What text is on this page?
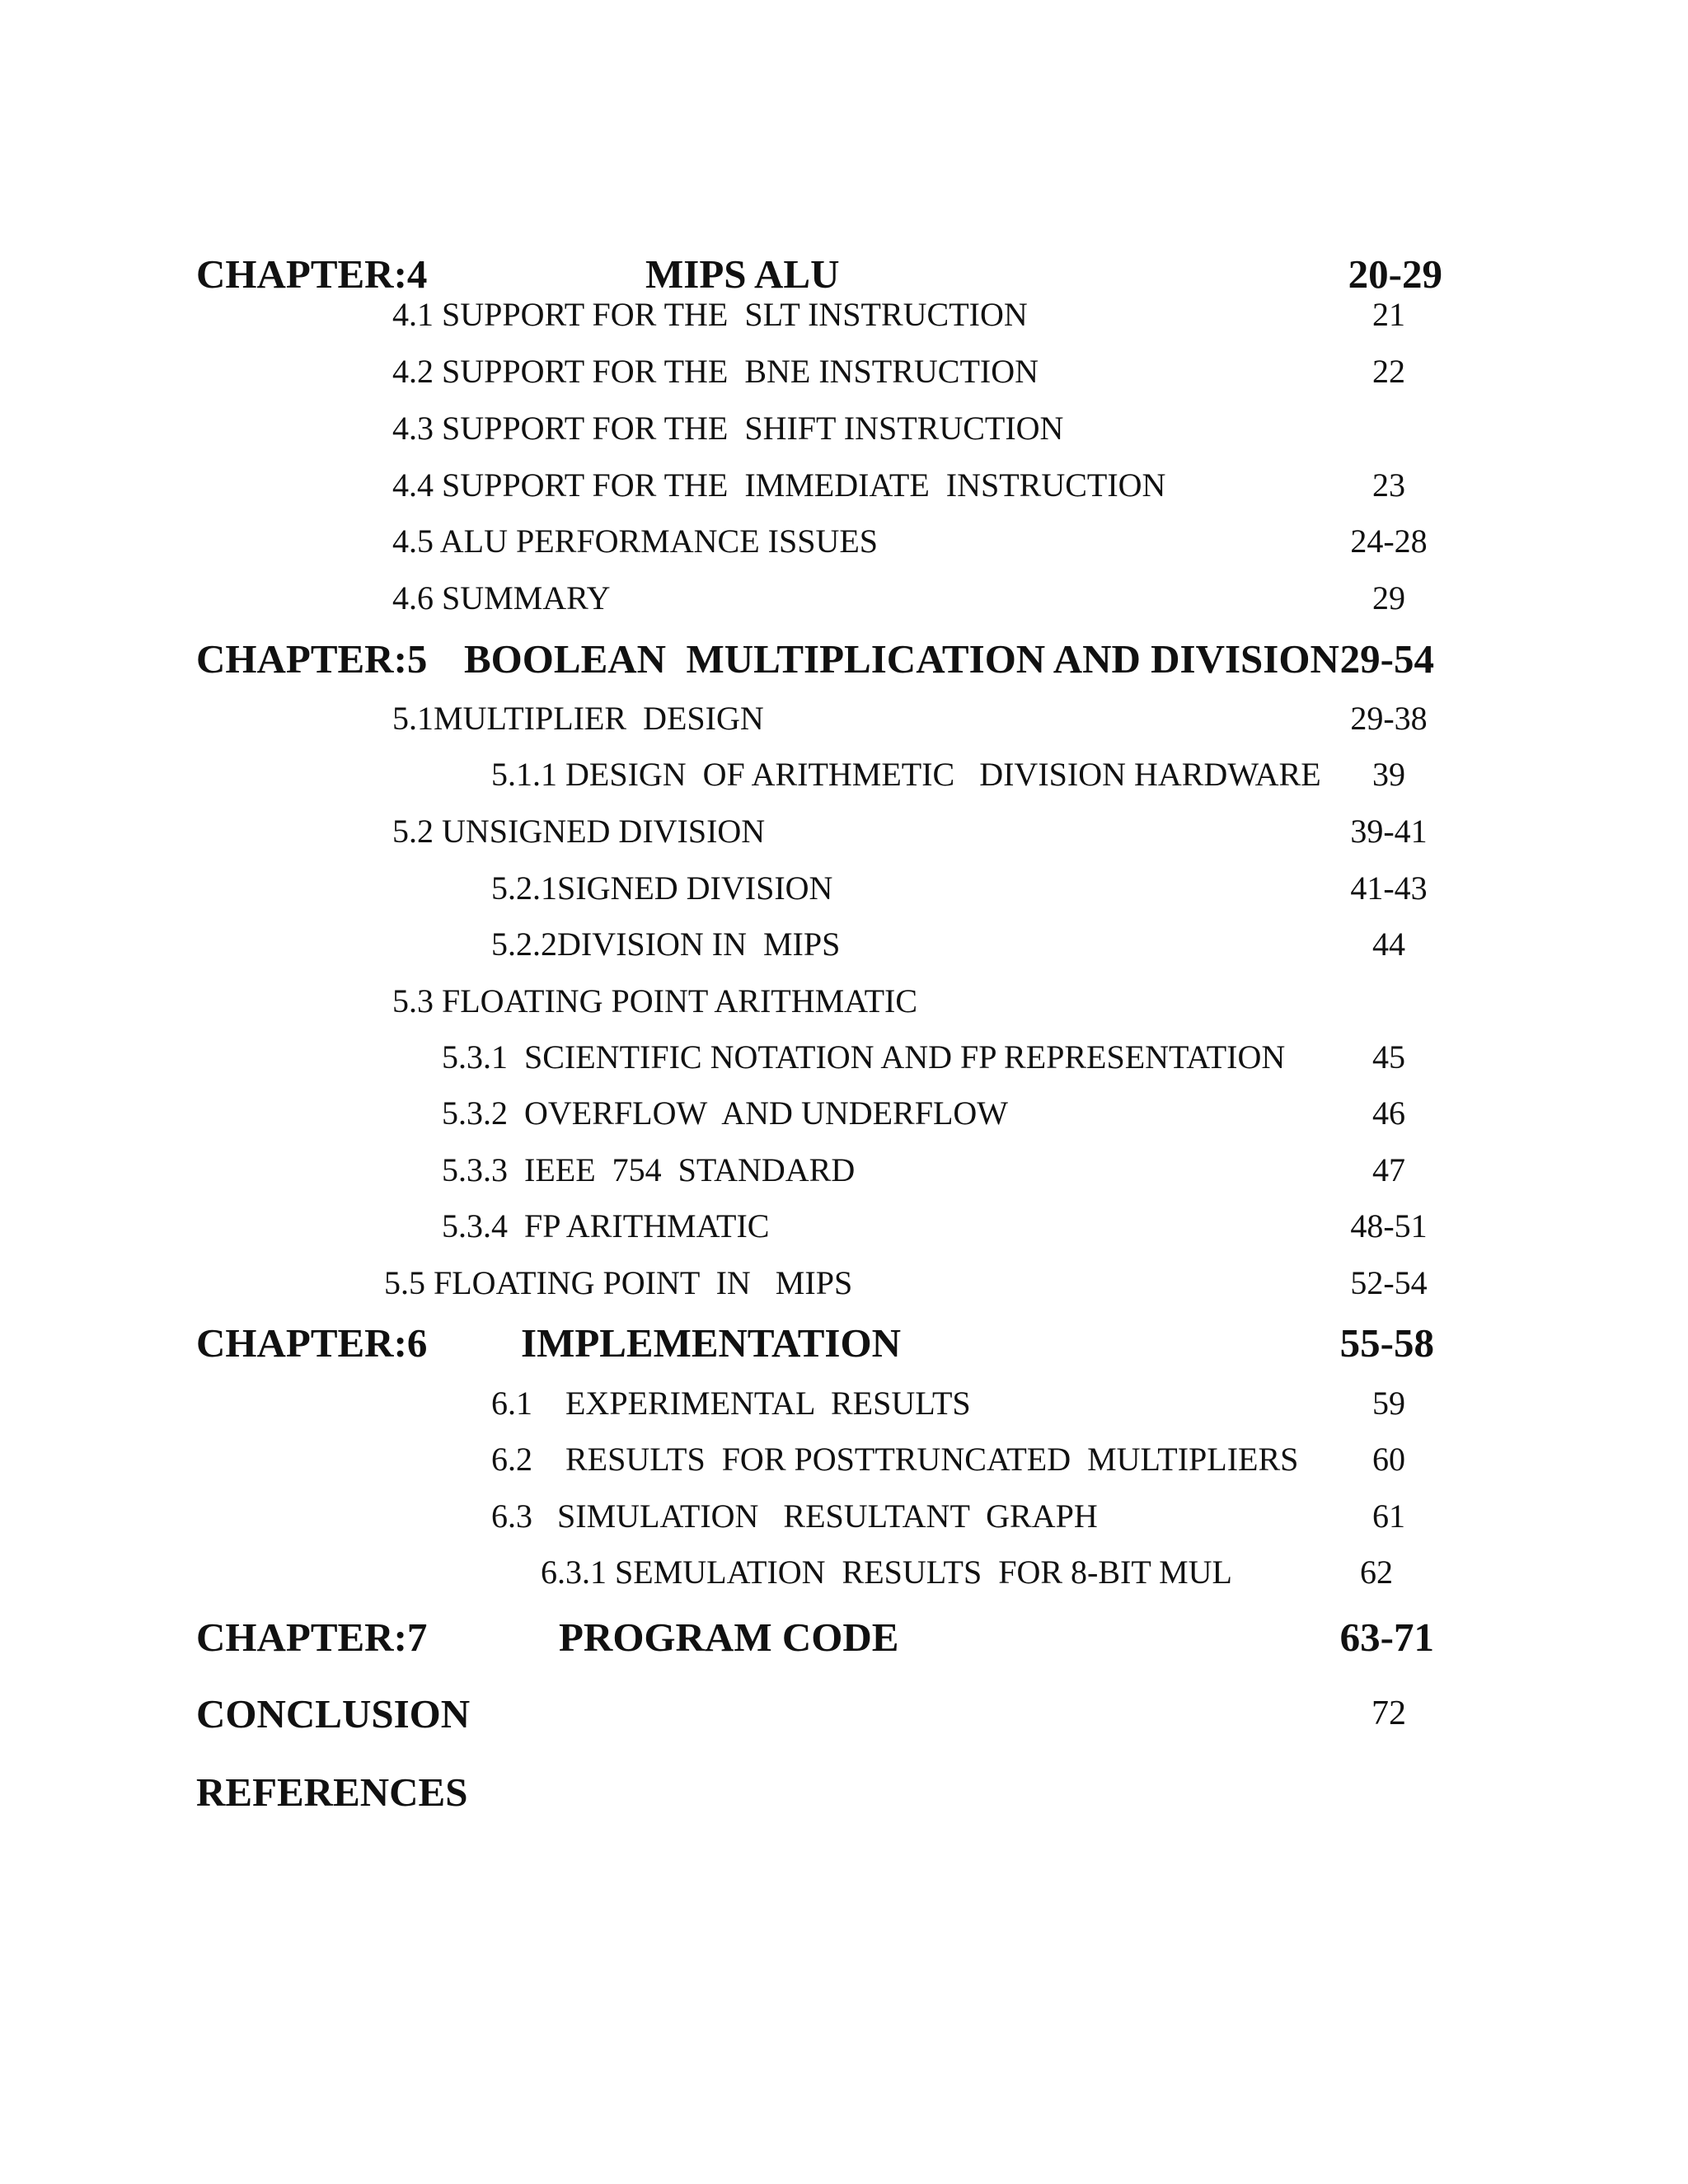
CHAPTER:4	MIPS ALU	20-29
4.1 SUPPORT FOR THE  SLT INSTRUCTION	21
4.2 SUPPORT FOR THE  BNE INSTRUCTION	22
4.3 SUPPORT FOR THE  SHIFT INSTRUCTION
4.4 SUPPORT FOR THE  IMMEDIATE  INSTRUCTION	23
4.5 ALU PERFORMANCE ISSUES	24-28
4.6 SUMMARY	29
CHAPTER:5 BOOLEAN  MULTIPLICATION AND DIVISION 29-54
5.1MULTIPLIER  DESIGN	29-38
5.1.1 DESIGN  OF ARITHMETIC   DIVISION HARDWARE	39
5.2 UNSIGNED DIVISION	39-41
5.2.1SIGNED DIVISION	41-43
5.2.2DIVISION IN  MIPS	44
5.3 FLOATING POINT ARITHMATIC
5.3.1  SCIENTIFIC NOTATION AND FP REPRESENTATION	45
5.3.2  OVERFLOW  AND UNDERFLOW	46
5.3.3  IEEE  754  STANDARD	47
5.3.4  FP ARITHMATIC	48-51
5.5 FLOATING POINT  IN   MIPS	52-54
CHAPTER:6 IMPLEMENTATION	55-58
6.1    EXPERIMENTAL  RESULTS	59
6.2    RESULTS  FOR POSTTRUNCATED  MULTIPLIERS	60
6.3   SIMULATION   RESULTANT  GRAPH	61
6.3.1 SEMULATION  RESULTS  FOR 8-BIT MUL	62
CHAPTER:7	PROGRAM CODE	63-71
CONCLUSION	72
REFERENCES
